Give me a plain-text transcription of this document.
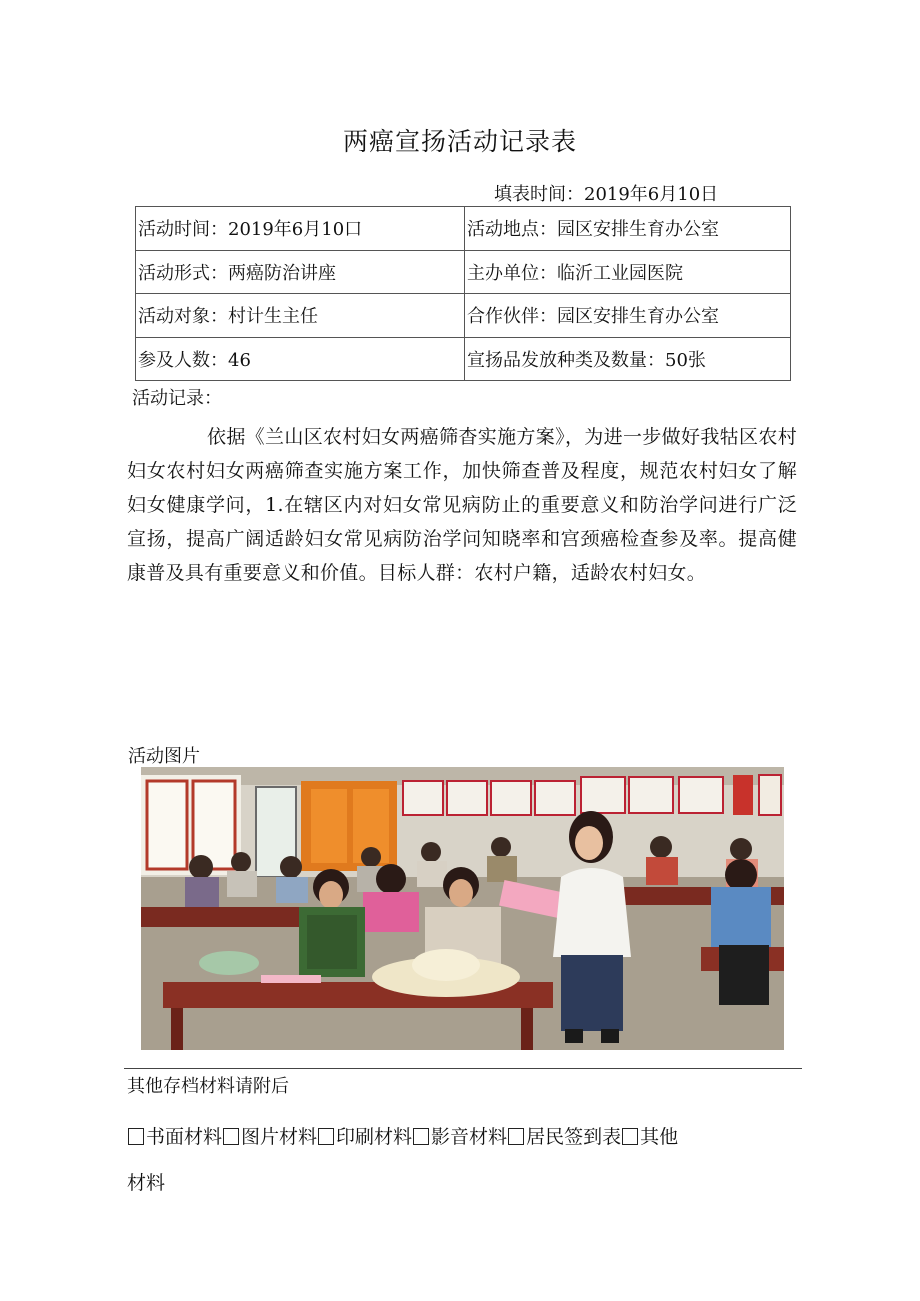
两癌宣扬活动记录表
填表时间：2019年6月10日
活动时间：2019年6月10口	活动地点：园区安排生育办公室
活动形式：两癌防治讲座	主办单位：临沂工业园医院
活动对象：村计生主任	合作伙伴：园区安排生育办公室
参及人数：46	宣扬品发放种类及数量：50张
活动记录：
依据《兰山区农村妇女两癌筛杳实施方案》，为进一步做好我牯区农村妇女农村妇女两癌筛查实施方案工作，加快筛查普及程度，规范农村妇女了解妇女健康学问，1.在辖区内对妇女常见病防止的重要意义和防治学问进行广泛宣扬，提高广阔适龄妇女常见病防治学问知晓率和宫颈癌检查参及率。提高健康普及具有重要意义和价值。目标人群：农村户籍，适龄农村妇女。
活动图片
其他存档材料请附后
书面材料 图片材料 印刷材料 影音材料 居民签到表 其他
材料
